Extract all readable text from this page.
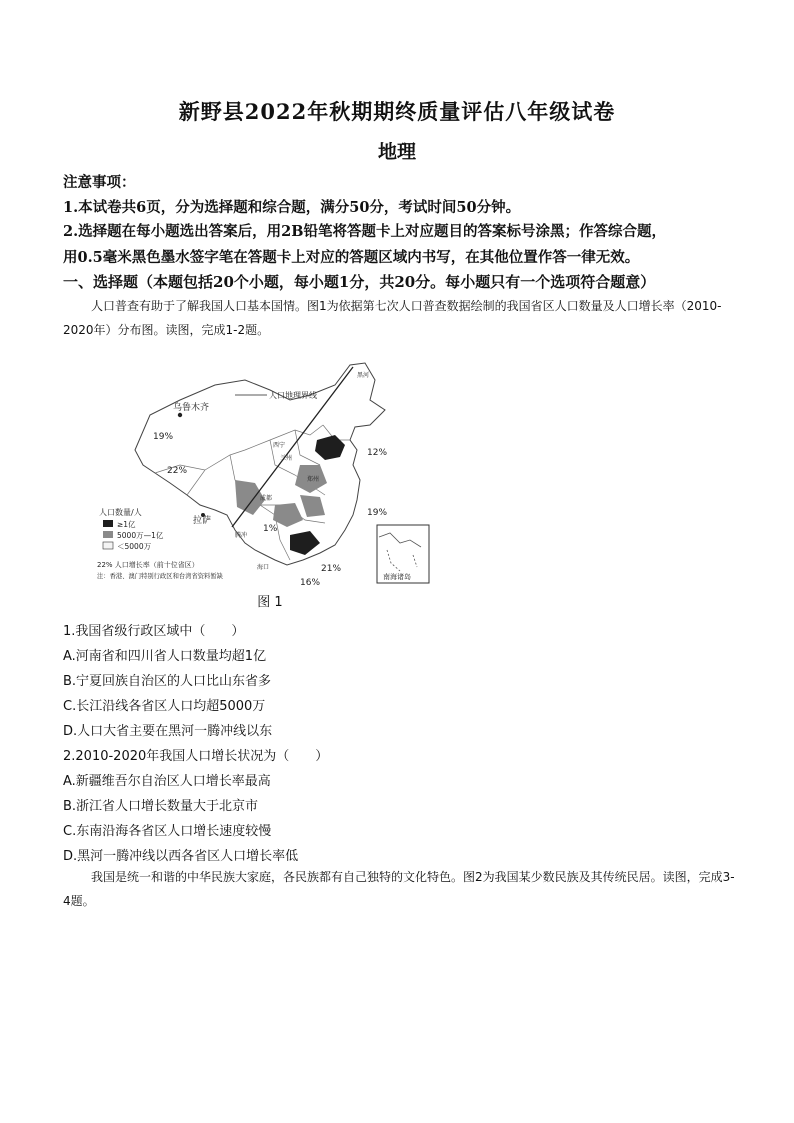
新野县2022年秋期期终质量评估八年级试卷
地理
注意事项：
1.本试卷共6页，分为选择题和综合题，满分50分，考试时间50分钟。
2.选择题在每小题选出答案后，用2B铅笔将答题卡上对应题目的答案标号涂黑；作答综合题，
用0.5毫米黑色墨水签字笔在答题卡上对应的答题区域内书写，在其他位置作答一律无效。
一、选择题（本题包括20个小题，每小题1分，共20分。每小题只有一个选项符合题意）
人口普查有助于了解我国人口基本国情。图1为依据第七次人口普查数据绘制的我国省区人口数量及人口增长率（2010-2020年）分布图。读图，完成1-2题。
人口地理界线
乌鲁木齐
拉萨
西宁
兰州
郑州
成都
腾冲
海口
黑河
19%
22%
12%
19%
21%
16%
1%
南海诸岛
人口数量/人
≥1亿
5000万—1亿
＜5000万
22% 人口增长率（前十位省区）
注：香港、澳门特别行政区和台湾省资料暂缺
图 1
1.我国省级行政区域中（　　）
A.河南省和四川省人口数量均超1亿
B.宁夏回族自治区的人口比山东省多
C.长江沿线各省区人口均超5000万
D.人口大省主要在黑河一腾冲线以东
2.2010-2020年我国人口增长状况为（　　）
A.新疆维吾尔自治区人口增长率最高
B.浙江省人口增长数量大于北京市
C.东南沿海各省区人口增长速度较慢
D.黑河一腾冲线以西各省区人口增长率低
我国是统一和谐的中华民族大家庭，各民族都有自己独特的文化特色。图2为我国某少数民族及其传统民居。读图，完成3-4题。
